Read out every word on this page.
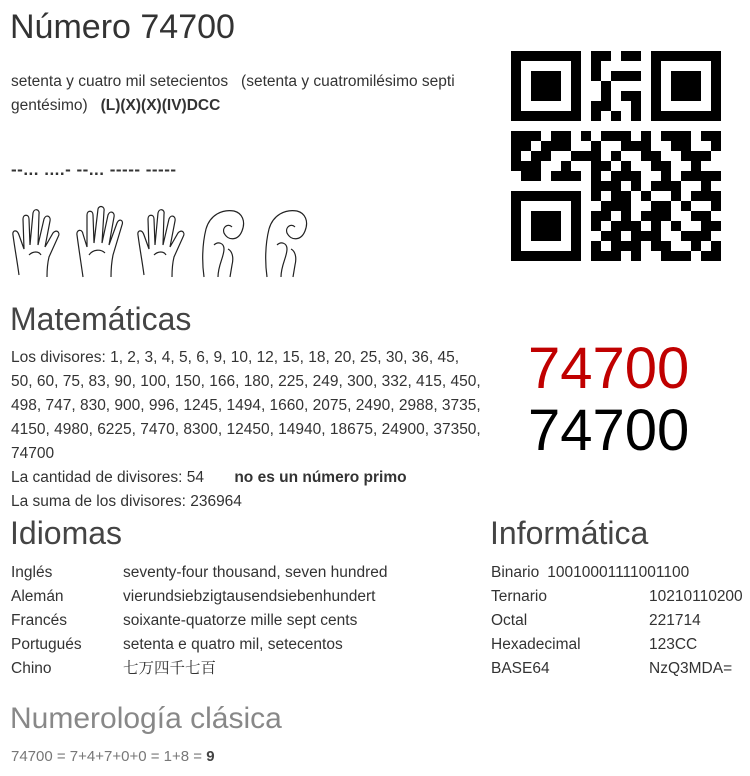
Número 74700
setenta y cuatro mil setecientos (setenta y cuatromilésimo septi gentésimo) (L)(X)(X)(IV)DCC
--... ....- --... ----- -----

Matemáticas

Los divisores: 1, 2, 3, 4, 5, 6, 9, 10, 12, 15, 18, 20, 25, 30, 36, 45, 50, 60, 75, 83, 90, 100, 150, 166, 180, 225, 249, 300, 332, 415, 450, 498, 747, 830, 900, 996, 1245, 1494, 1660, 2075, 2490, 2988, 3735, 4150, 4980, 6225, 7470, 8300, 12450, 14940, 18675, 24900, 37350, 74700

La cantidad de divisores: 54 no es un número primo

La suma de los divisores: 236964

74700
74700
Idiomas
Inglés	seventy-four thousand, seven hundred
Alemán	vierundsiebzigtausendsiebenhundert
Francés	soixante-quatorze mille sept cents
Portugués	setenta e quatro mil, setecentos
Chino	七万四千七百
Informática
Binario 10010001111001100
Ternario	10210110200
Octal	221714
Hexadecimal	123CC
BASE64	NzQ3MDA=
Numerología clásica
74700 = 7+4+7+0+0 = 1+8 = 9
